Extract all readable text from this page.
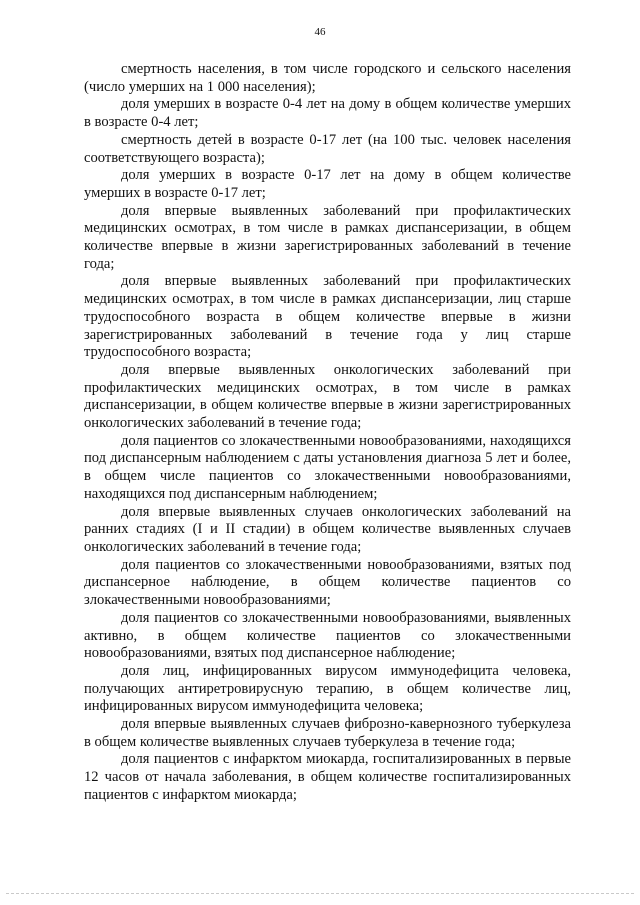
46

смертность населения, в том числе городского и сельского населения (число умерших на 1 000 населения);

доля умерших в возрасте 0-4 лет на дому в общем количестве умерших в возрасте 0-4 лет;

смертность детей в возрасте 0-17 лет (на 100 тыс. человек населения соответствующего возраста);

доля умерших в возрасте 0-17 лет на дому в общем количестве умерших в возрасте 0-17 лет;

доля впервые выявленных заболеваний при профилактических медицинских осмотрах, в том числе в рамках диспансеризации, в общем количестве впервые в жизни зарегистрированных заболеваний в течение года;

доля впервые выявленных заболеваний при профилактических медицинских осмотрах, в том числе в рамках диспансеризации, лиц старше трудоспособного возраста в общем количестве впервые в жизни зарегистрированных заболеваний в течение года у лиц старше трудоспособного возраста;

доля впервые выявленных онкологических заболеваний при профилактических медицинских осмотрах, в том числе в рамках диспансеризации, в общем количестве впервые в жизни зарегистрированных онкологических заболеваний в течение года;

доля пациентов со злокачественными новообразованиями, находящихся под диспансерным наблюдением с даты установления диагноза 5 лет и более, в общем числе пациентов со злокачественными новообразованиями, находящихся под диспансерным наблюдением;

доля впервые выявленных случаев онкологических заболеваний на ранних стадиях (I и II стадии) в общем количестве выявленных случаев онкологических заболеваний в течение года;

доля пациентов со злокачественными новообразованиями, взятых под диспансерное наблюдение, в общем количестве пациентов со злокачественными новообразованиями;

доля пациентов со злокачественными новообразованиями, выявленных активно, в общем количестве пациентов со злокачественными новообразованиями, взятых под диспансерное наблюдение;

доля лиц, инфицированных вирусом иммунодефицита человека, получающих антиретровирусную терапию, в общем количестве лиц, инфицированных вирусом иммунодефицита человека;

доля впервые выявленных случаев фиброзно-кавернозного туберкулеза в общем количестве выявленных случаев туберкулеза в течение года;

доля пациентов с инфарктом миокарда, госпитализированных в первые 12 часов от начала заболевания, в общем количестве госпитализированных пациентов с инфарктом миокарда;
